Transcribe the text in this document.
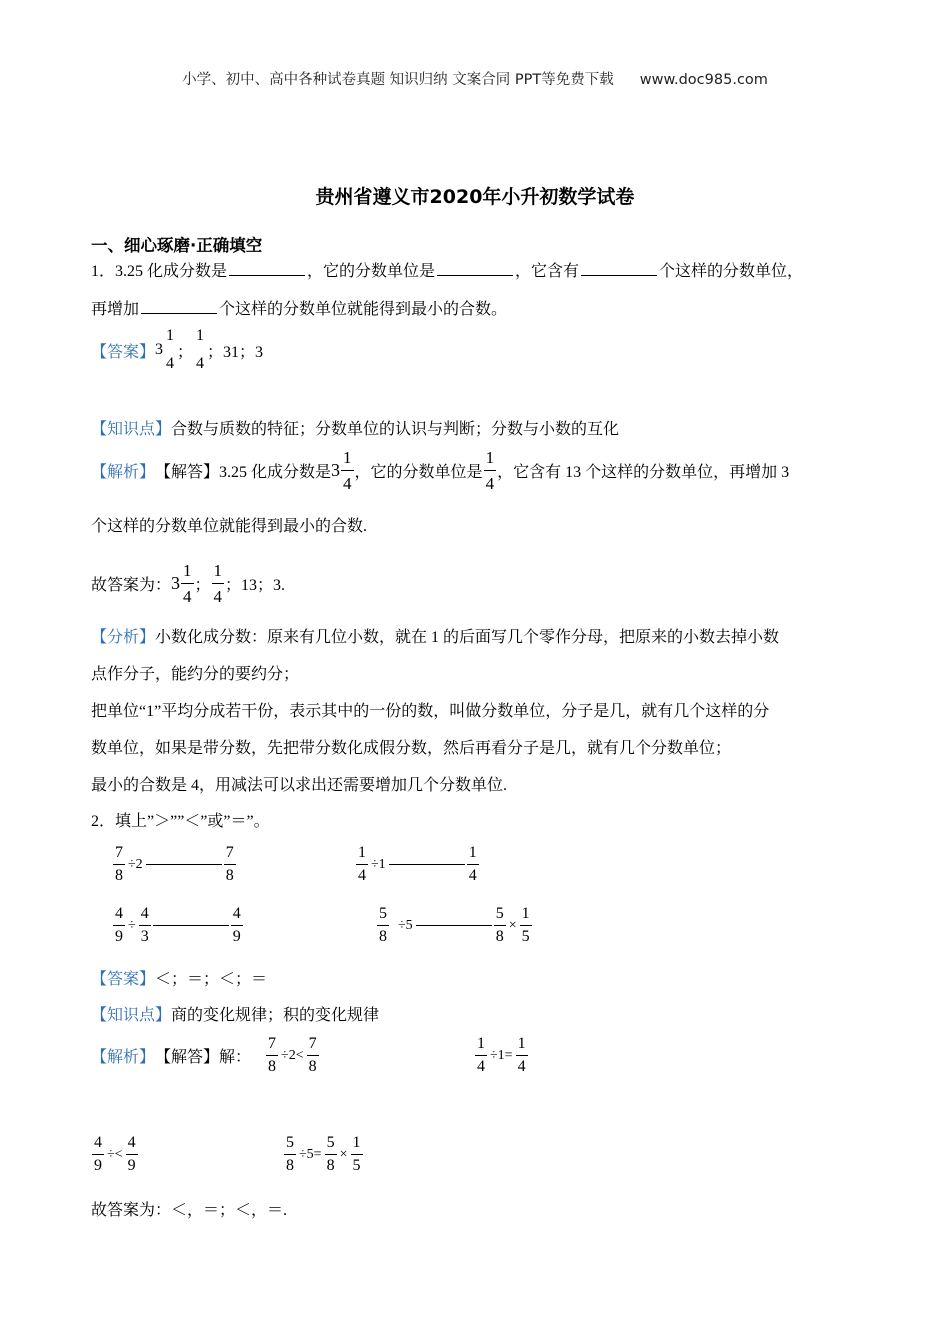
小学、初中、高中各种试卷真题 知识归纳 文案合同 PPT等免费下载 www.doc985.com
贵州省遵义市2020年小升初数学试卷
一、细心琢磨·正确填空
1．3.25 化成分数是	，它的分数单位是	，它含有	个这样的分数单位，
再增加	个这样的分数单位就能得到最小的合数。
【答案】 3
1
4
；
1
4
；31；3
【知识点】合数与质数的特征；分数单位的认识与判断；分数与小数的互化
【解析】 【解答】 3.25 化成分数是 $3 \frac{1}{4}$ ，它的分数单位是 $\frac{1}{4}$ ，它含有 13 个这样的分数单位，再增加 3
个这样的分数单位就能得到最小的合数.
故答案为： $3 \frac{1}{4}$ ； $\frac{1}{4}$ ；13；3.
【分析】小数化成分数：原来有几位小数，就在 1 的后面写几个零作分母，把原来的小数去掉小数
点作分子，能约分的要约分；
把单位“1”平均分成若干份，表示其中的一份的数，叫做分数单位，分子是几，就有几个这样的分
数单位，如果是带分数，先把带分数化成假分数，然后再看分子是几，就有几个分数单位；
最小的合数是 4，用减法可以求出还需要增加几个分数单位.
2．填上”＞””＜”或”＝”。
$\frac{7}{8} \div 2$	$\frac{7}{8}$	$\frac{1}{4} \div 1$	$\frac{1}{4}$
$\frac{4}{9} \div \frac{4}{3}$	$\frac{4}{9}$	$\frac{5}{8} \div 5$	$\frac{5}{8} \times \frac{1}{5}$
【答案】＜；＝；＜；＝
【知识点】商的变化规律；积的变化规律
【解析】 【解答】 解： $\frac{7}{8} \div 2< \frac{7}{8}$	$\frac{1}{4} \div 1= \frac{1}{4}$
$\frac{4}{9} \div< \frac{4}{9}$	$\frac{5}{8} \div 5= \frac{5}{8} \times \frac{1}{5}$
故答案为：＜，＝；＜，＝.
